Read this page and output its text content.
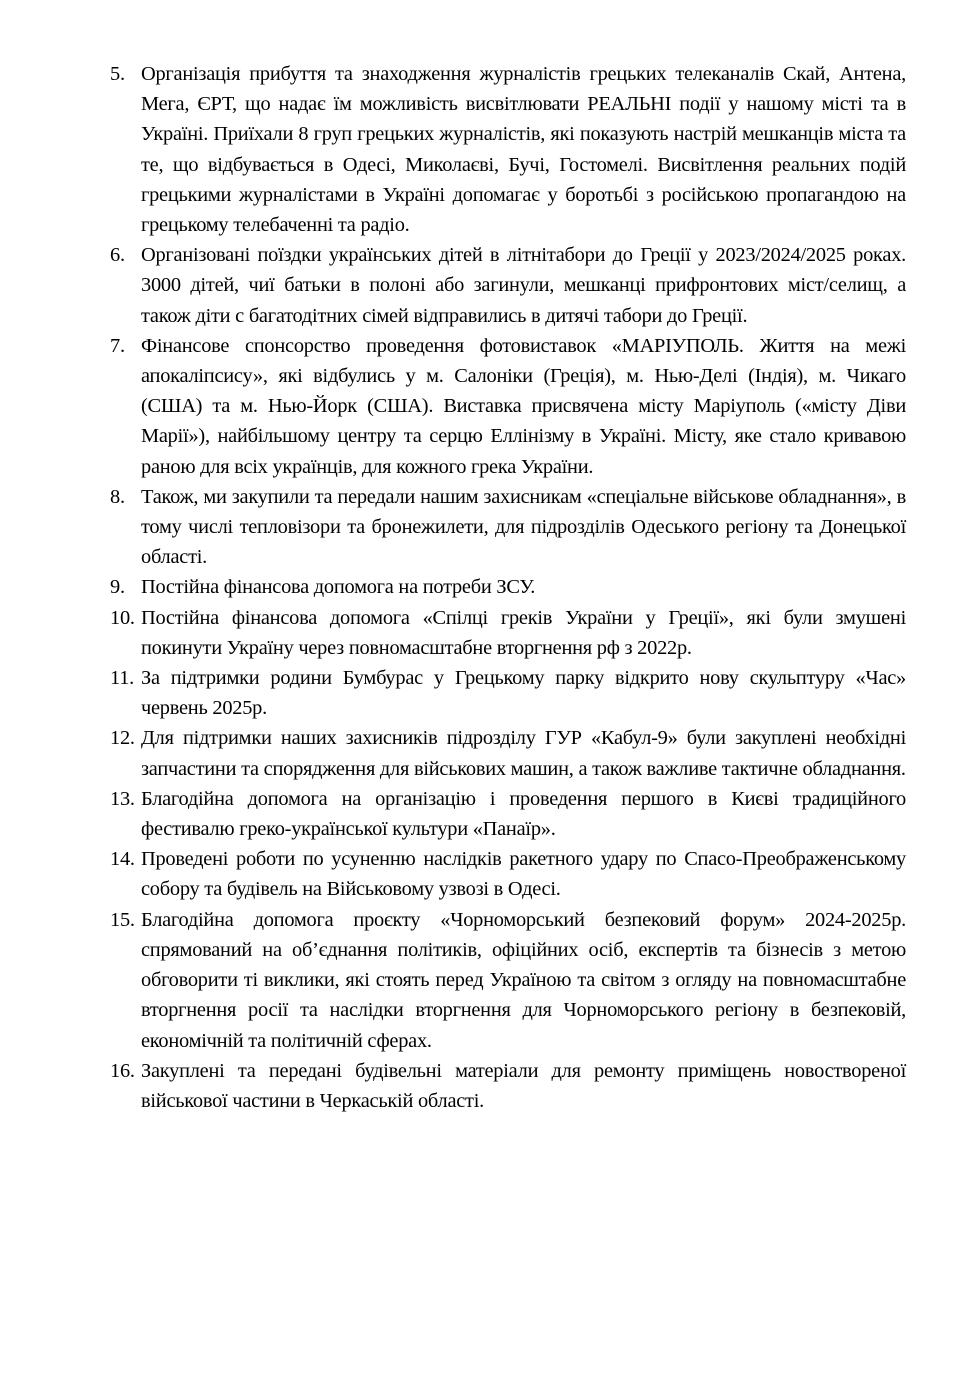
5. Організація прибуття та знаходження журналістів грецьких телеканалів Скай, Антена, Мега, ЄРТ, що надає їм можливість висвітлювати РЕАЛЬНІ події у нашому місті та в Україні. Приїхали 8 груп грецьких журналістів, які показують настрій мешканців міста та те, що відбувається в Одесі, Миколаєві, Бучі, Гостомелі. Висвітлення реальних подій грецькими журналістами в Україні допомагає у боротьбі з російською пропагандою на грецькому телебаченні та радіо.
6. Організовані поїздки українських дітей в літнітабори до Греції у 2023/2024/2025 роках. 3000 дітей, чиї батьки в полоні або загинули, мешканці прифронтових міст/селищ, а також діти с багатодітних сімей відправились в дитячі табори до Греції.
7. Фінансове спонсорство проведення фотовиставок «МАРІУПОЛЬ. Життя на межі апокаліпсису», які відбулись у м. Салоніки (Греція), м. Нью-Делі (Індія), м. Чикаго (США) та м. Нью-Йорк (США). Виставка присвячена місту Маріуполь («місту Діви Марії»), найбільшому центру та серцю Еллінізму в Україні. Місту, яке стало кривавою раною для всіх українців, для кожного грека України.
8. Також, ми закупили та передали нашим захисникам «спеціальне військове обладнання», в тому числі тепловізори та бронежилети, для підрозділів Одеського регіону та Донецької області.
9. Постійна фінансова допомога на потреби ЗСУ.
10. Постійна фінансова допомога «Спілці греків України у Греції», які були змушені покинути Україну через повномасштабне вторгнення рф з 2022р.
11. За підтримки родини Бумбурас у Грецькому парку відкрито нову скульптуру «Час» червень 2025р.
12. Для підтримки наших захисників підрозділу ГУР «Кабул-9» були закуплені необхідні запчастини та спорядження для військових машин, а також важливе тактичне обладнання.
13. Благодійна допомога на організацію і проведення першого в Києві традиційного фестивалю греко-української культури «Панаїр».
14. Проведені роботи по усуненню наслідків ракетного удару по Спасо-Преображенському собору та будівель на Військовому узвозі в Одесі.
15. Благодійна допомога проєкту «Чорноморський безпековий форум» 2024-2025р. спрямований на об’єднання політиків, офіційних осіб, експертів та бізнесів з метою обговорити ті виклики, які стоять перед Україною та світом з огляду на повномасштабне вторгнення росії та наслідки вторгнення для Чорноморського регіону в безпековій, економічній та політичній сферах.
16. Закуплені та передані будівельні матеріали для ремонту приміщень новоствореної військової частини в Черкаській області.
